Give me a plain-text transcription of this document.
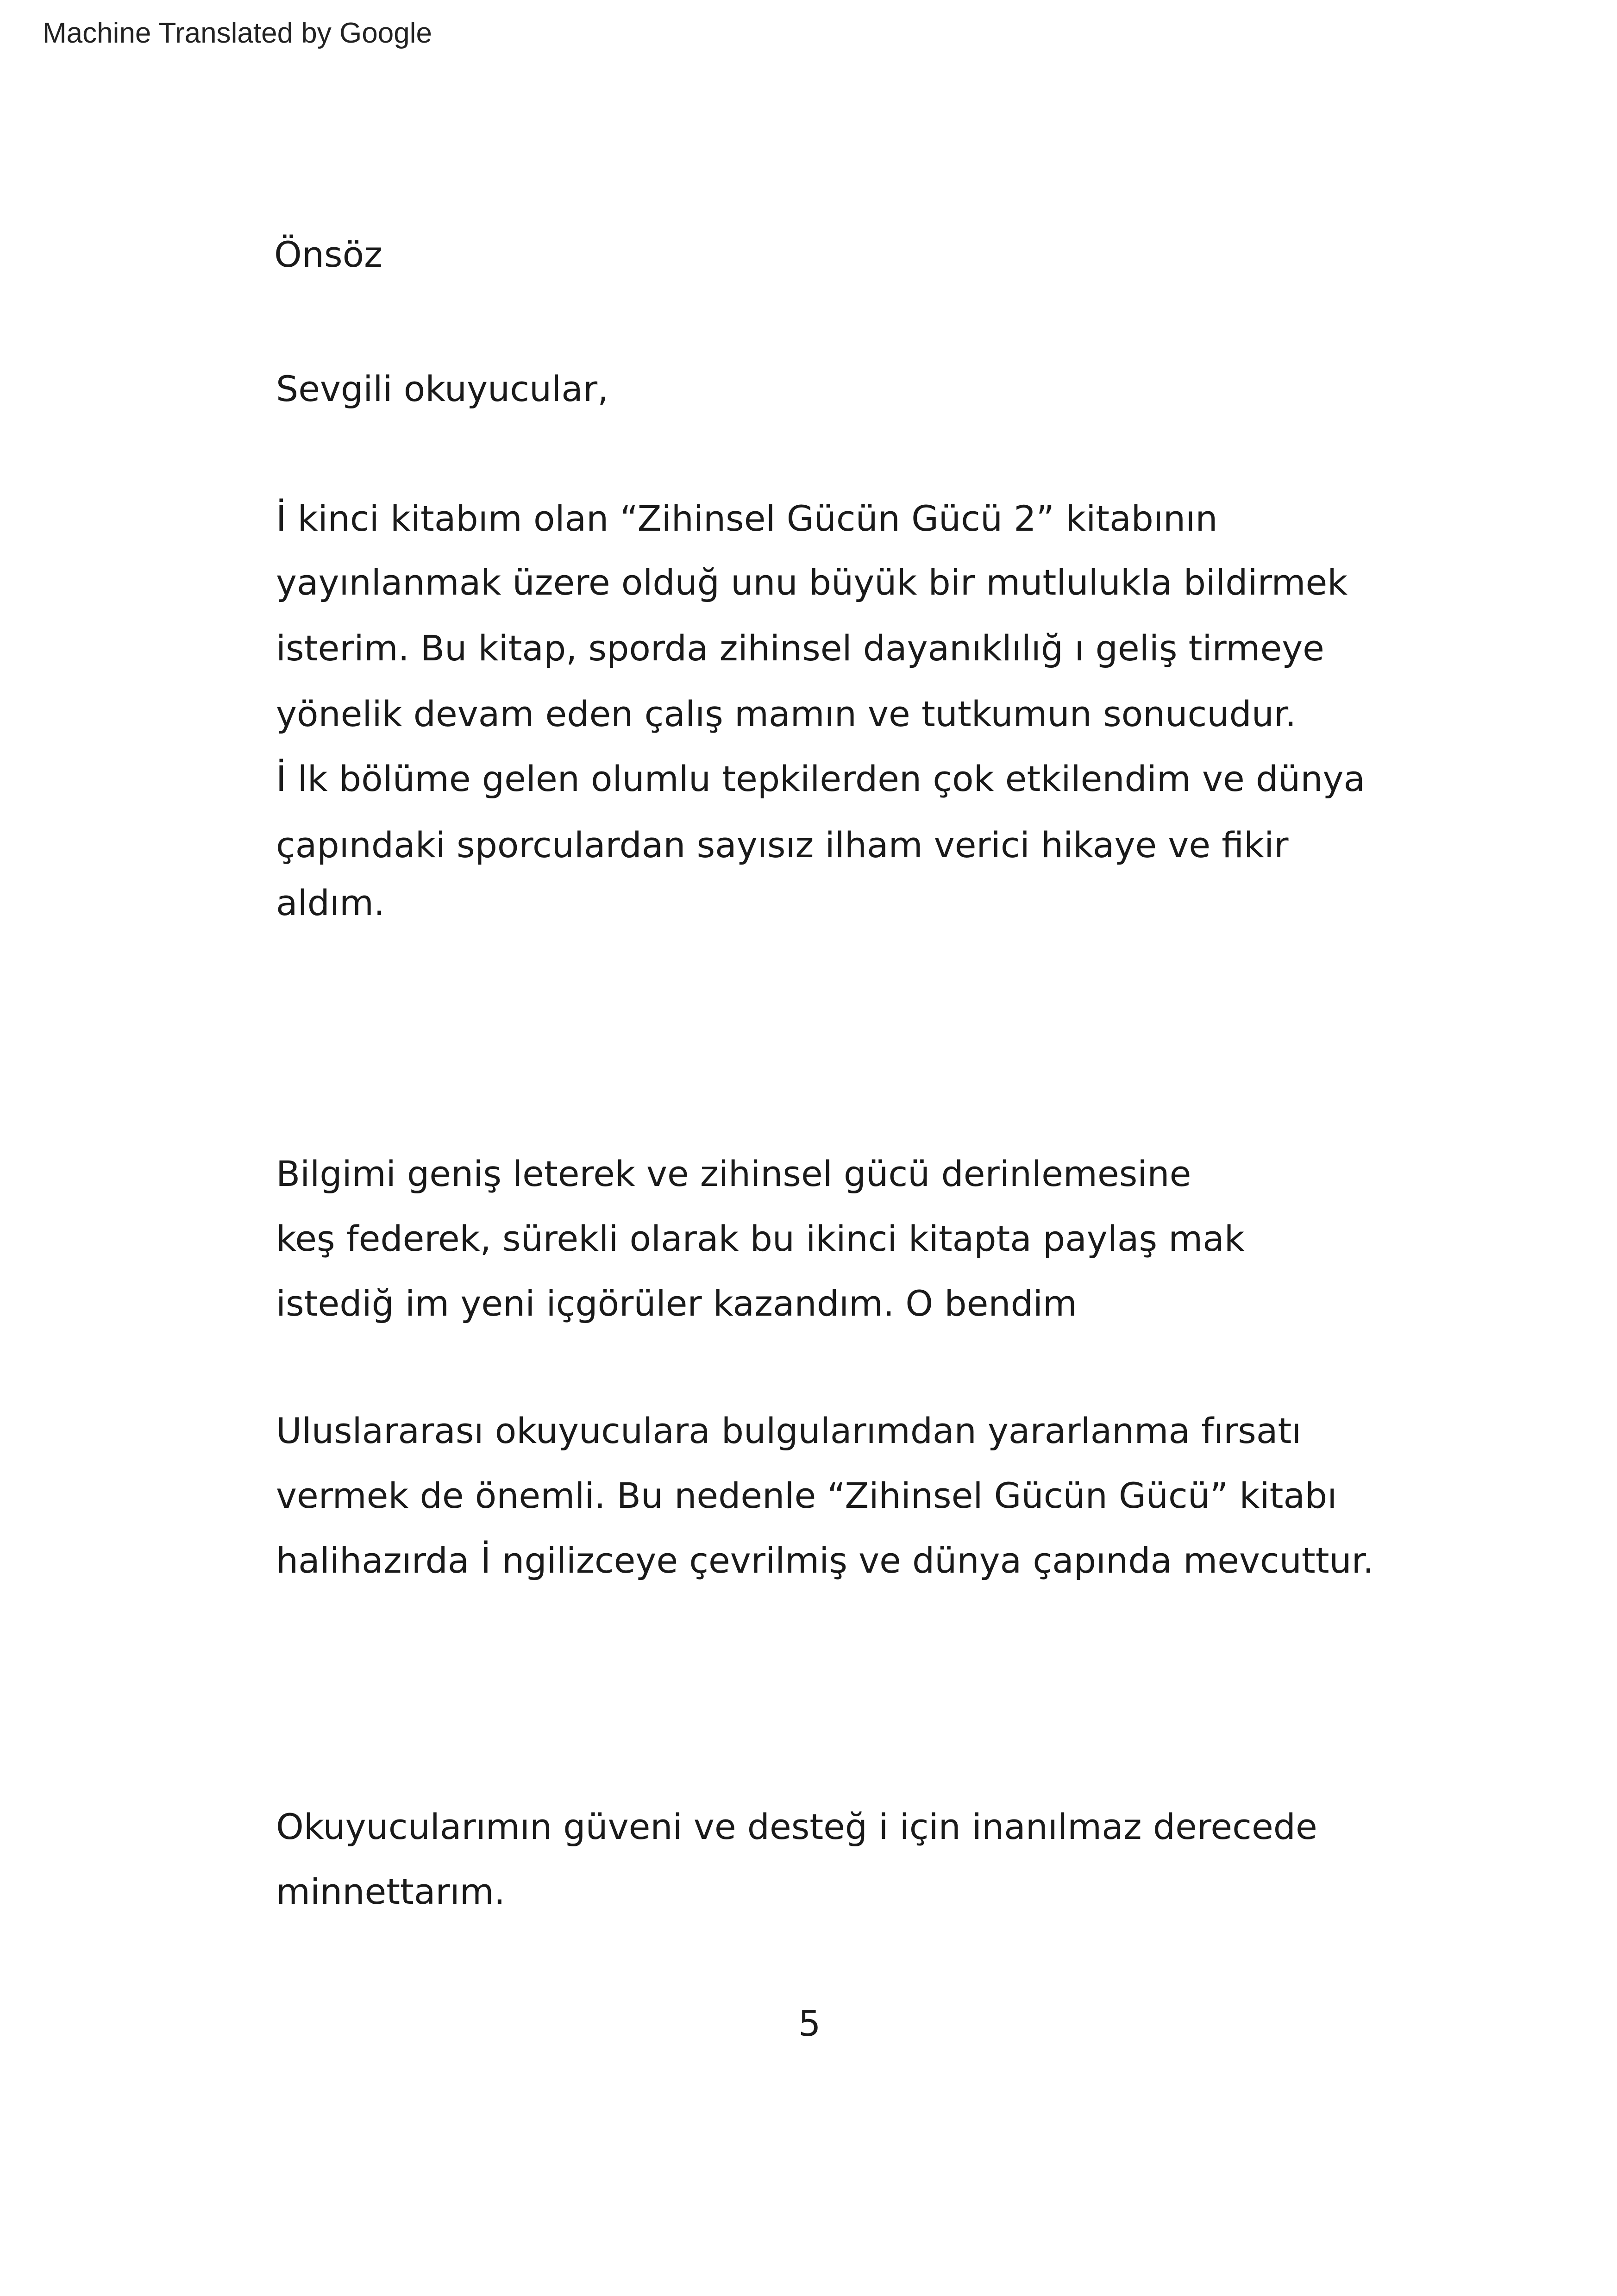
Machine Translated by Google
Önsöz
Sevgili okuyucular,
İ kinci kitabım olan “Zihinsel Gücün Gücü 2” kitabının
yayınlanmak üzere olduğ unu büyük bir mutlulukla bildirmek
isterim. Bu kitap, sporda zihinsel dayanıklılığ ı geliş tirmeye
yönelik devam eden çalış mamın ve tutkumun sonucudur.
İ lk bölüme gelen olumlu tepkilerden çok etkilendim ve dünya
çapındaki sporculardan sayısız ilham verici hikaye ve fikir
aldım.
Bilgimi geniş leterek ve zihinsel gücü derinlemesine
keş federek, sürekli olarak bu ikinci kitapta paylaş mak
istediğ im yeni içgörüler kazandım. O bendim
Uluslararası okuyuculara bulgularımdan yararlanma fırsatı
vermek de önemli. Bu nedenle “Zihinsel Gücün Gücü” kitabı
halihazırda İ ngilizceye çevrilmiş ve dünya çapında mevcuttur.
Okuyucularımın güveni ve desteğ i için inanılmaz derecede
minnettarım.
5
